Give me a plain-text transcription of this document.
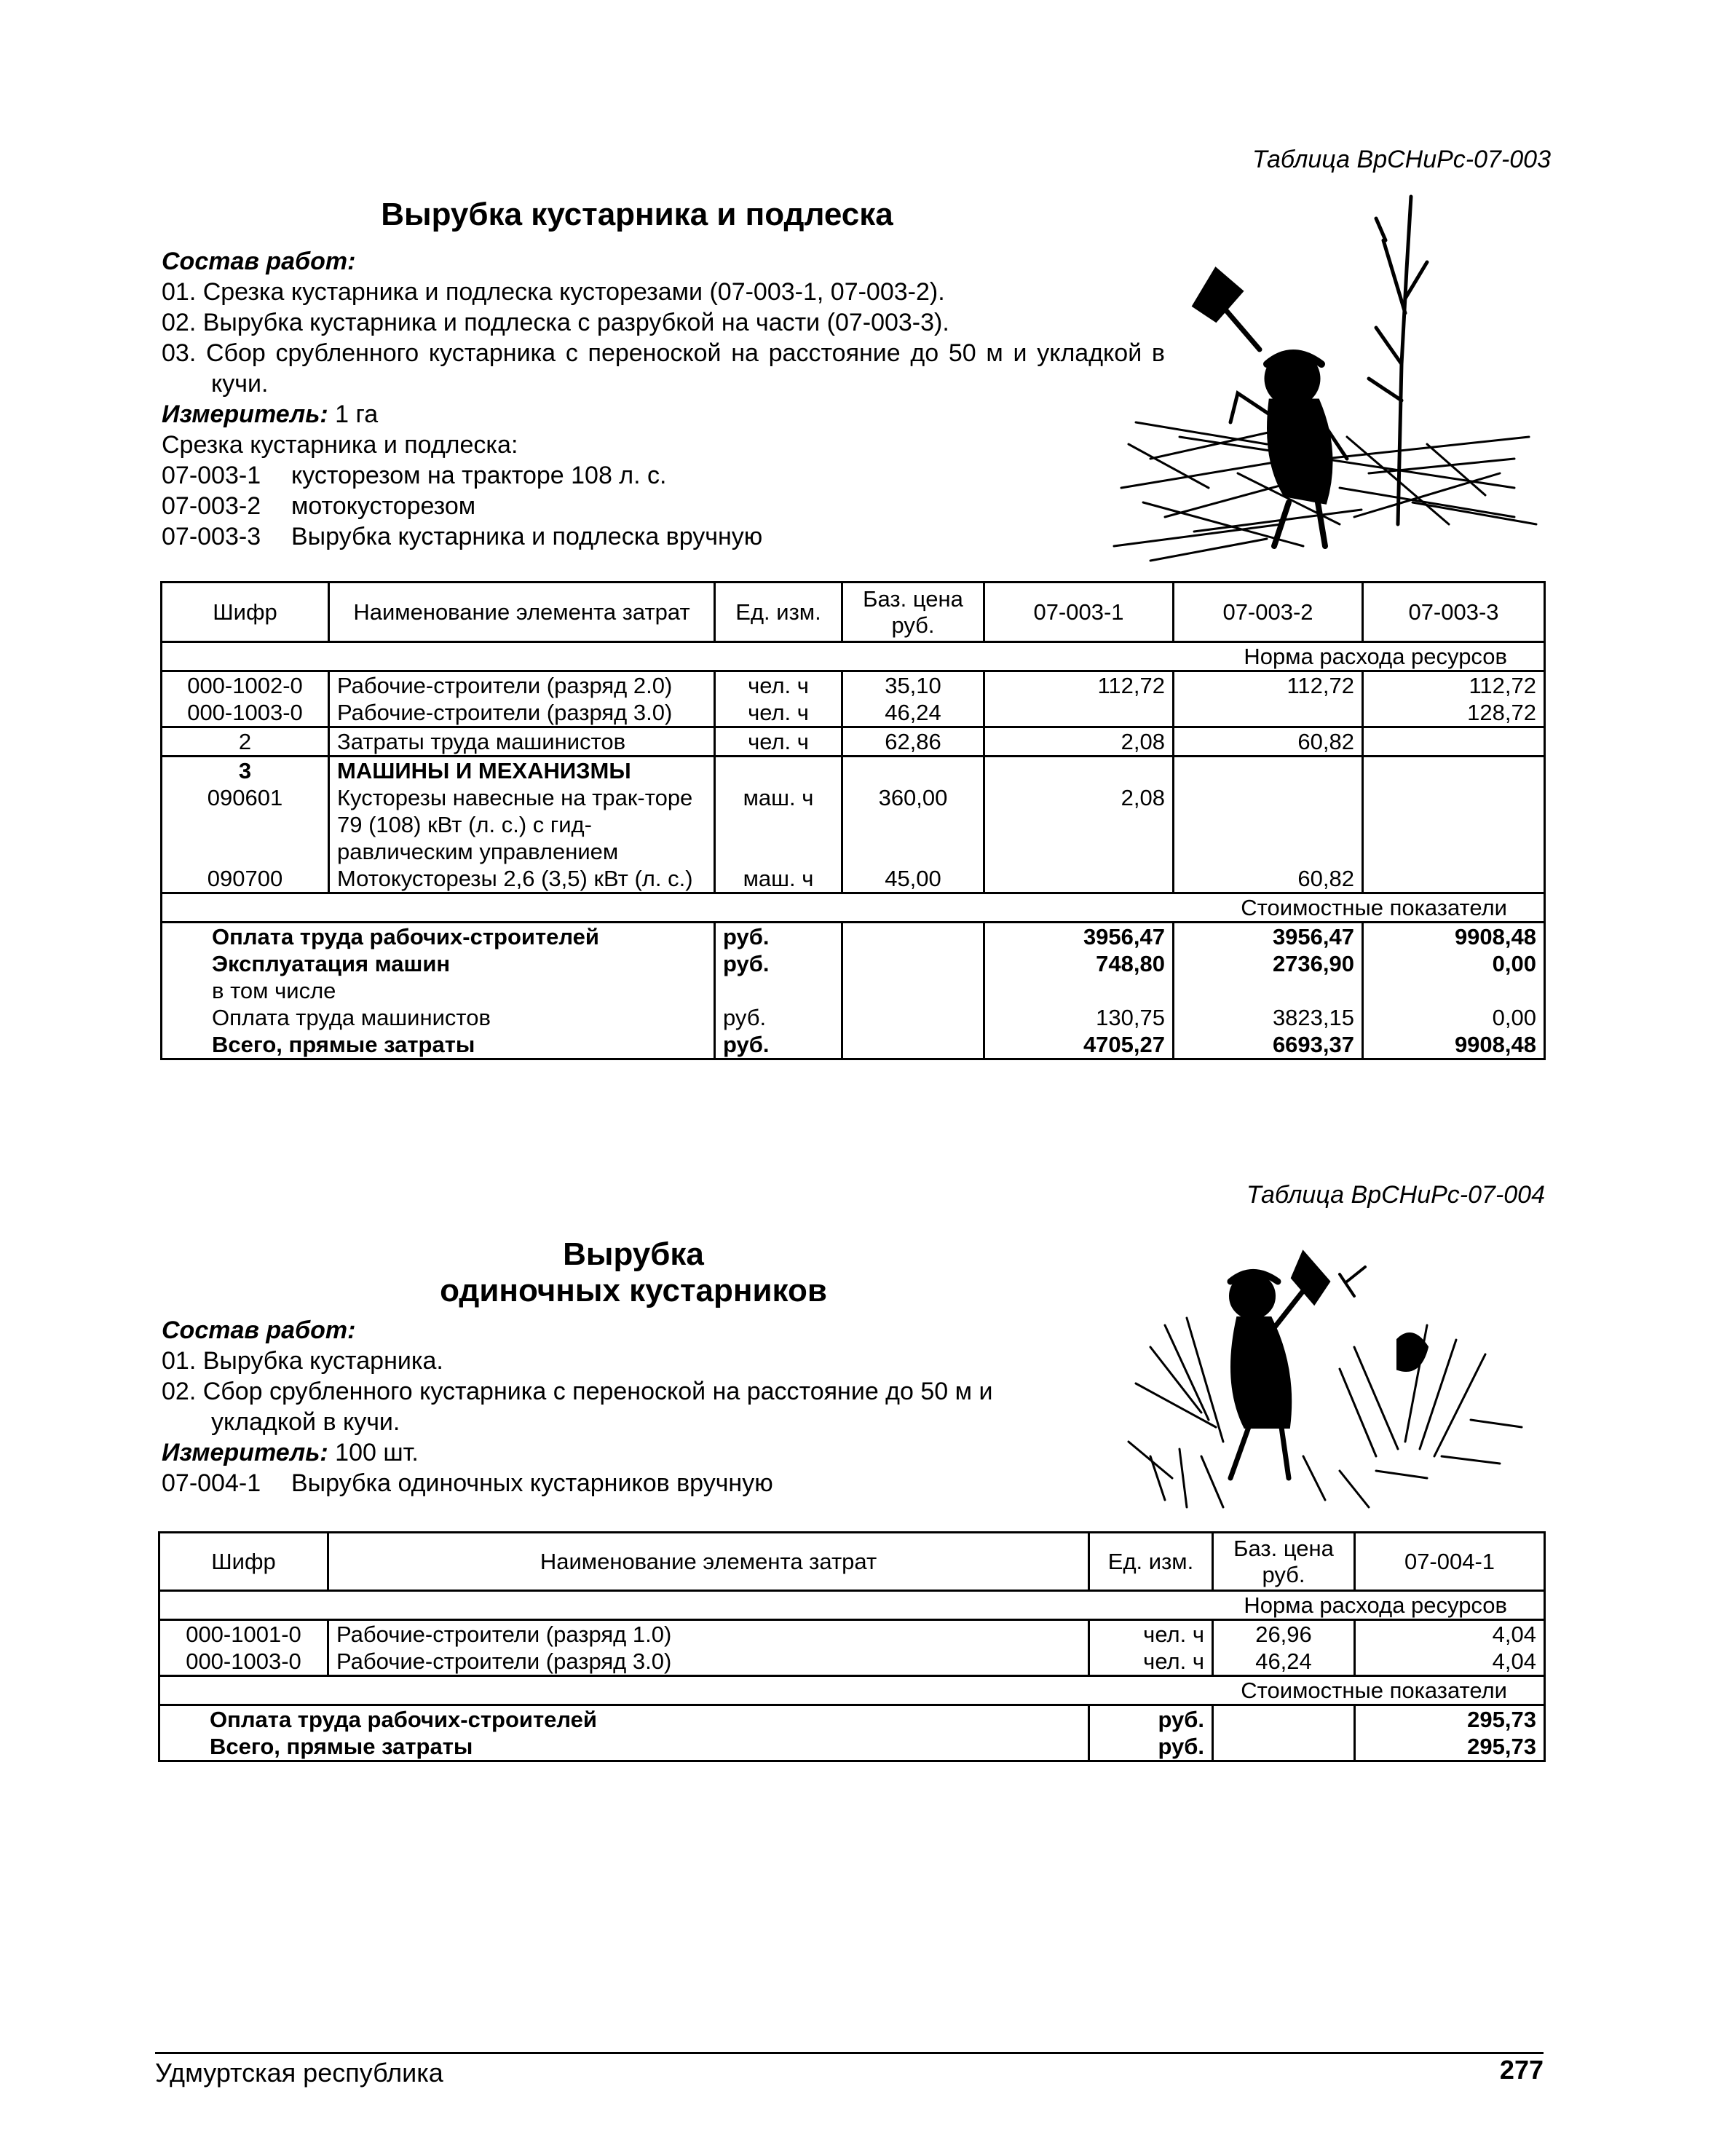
Таблица ВрСНиРс-07-003
Вырубка кустарника и подлеска
Состав работ:
01. Срезка кустарника и подлеска кусторезами (07-003-1, 07-003-2).
02. Вырубка кустарника и подлеска с разрубкой на части (07-003-3).
03. Сбор срубленного кустарника с переноской на расстояние до 50 м и укладкой в кучи.
Измеритель: 1 га
Срезка кустарника и подлеска:
07-003-1 кусторезом на тракторе 108 л. с.
07-003-2 мотокусторезом
07-003-3 Вырубка кустарника и подлеска вручную
Шифр	Наименование элемента затрат	Ед. изм.	Баз. цена руб.	07-003-1	07-003-2	07-003-3
Норма расхода ресурсов						
000-1002-0	Рабочие-строители (разряд 2.0)	чел. ч	35,10	112,72	112,72	112,72
000-1003-0	Рабочие-строители (разряд 3.0)	чел. ч	46,24			128,72
2	Затраты труда машинистов	чел. ч	62,86	2,08	60,82	
3	МАШИНЫ И МЕХАНИЗМЫ					
090601	Кусторезы навесные на трак-торе 79 (108) кВт (л. с.) с гид-равлическим управлением	маш. ч	360,00	2,08		
090700	Мотокусторезы 2,6 (3,5) кВт (л. с.)	маш. ч	45,00		60,82	
Стоимостные показатели						
Оплата труда рабочих-строителей		руб.		3956,47	3956,47	9908,48
Эксплуатация машин		руб.		748,80	2736,90	0,00
в том числе						
Оплата труда машинистов		руб.		130,75	3823,15	0,00
Всего, прямые затраты		руб.		4705,27	6693,37	9908,48
Таблица ВрСНиРс-07-004
Вырубка
одиночных кустарников
Состав работ:
01. Вырубка кустарника.
02. Сбор срубленного кустарника с переноской на расстояние до 50 м и укладкой в кучи.
Измеритель: 100 шт.
07-004-1 Вырубка одиночных кустарников вручную
Шифр	Наименование элемента затрат	Ед. изм.	Баз. цена руб.	07-004-1
Норма расхода ресурсов				
000-1001-0	Рабочие-строители (разряд 1.0)	чел. ч	26,96	4,04
000-1003-0	Рабочие-строители (разряд 3.0)	чел. ч	46,24	4,04
Стоимостные показатели				
Оплата труда рабочих-строителей		руб.		295,73
Всего, прямые затраты		руб.		295,73
Удмуртская республика	277
